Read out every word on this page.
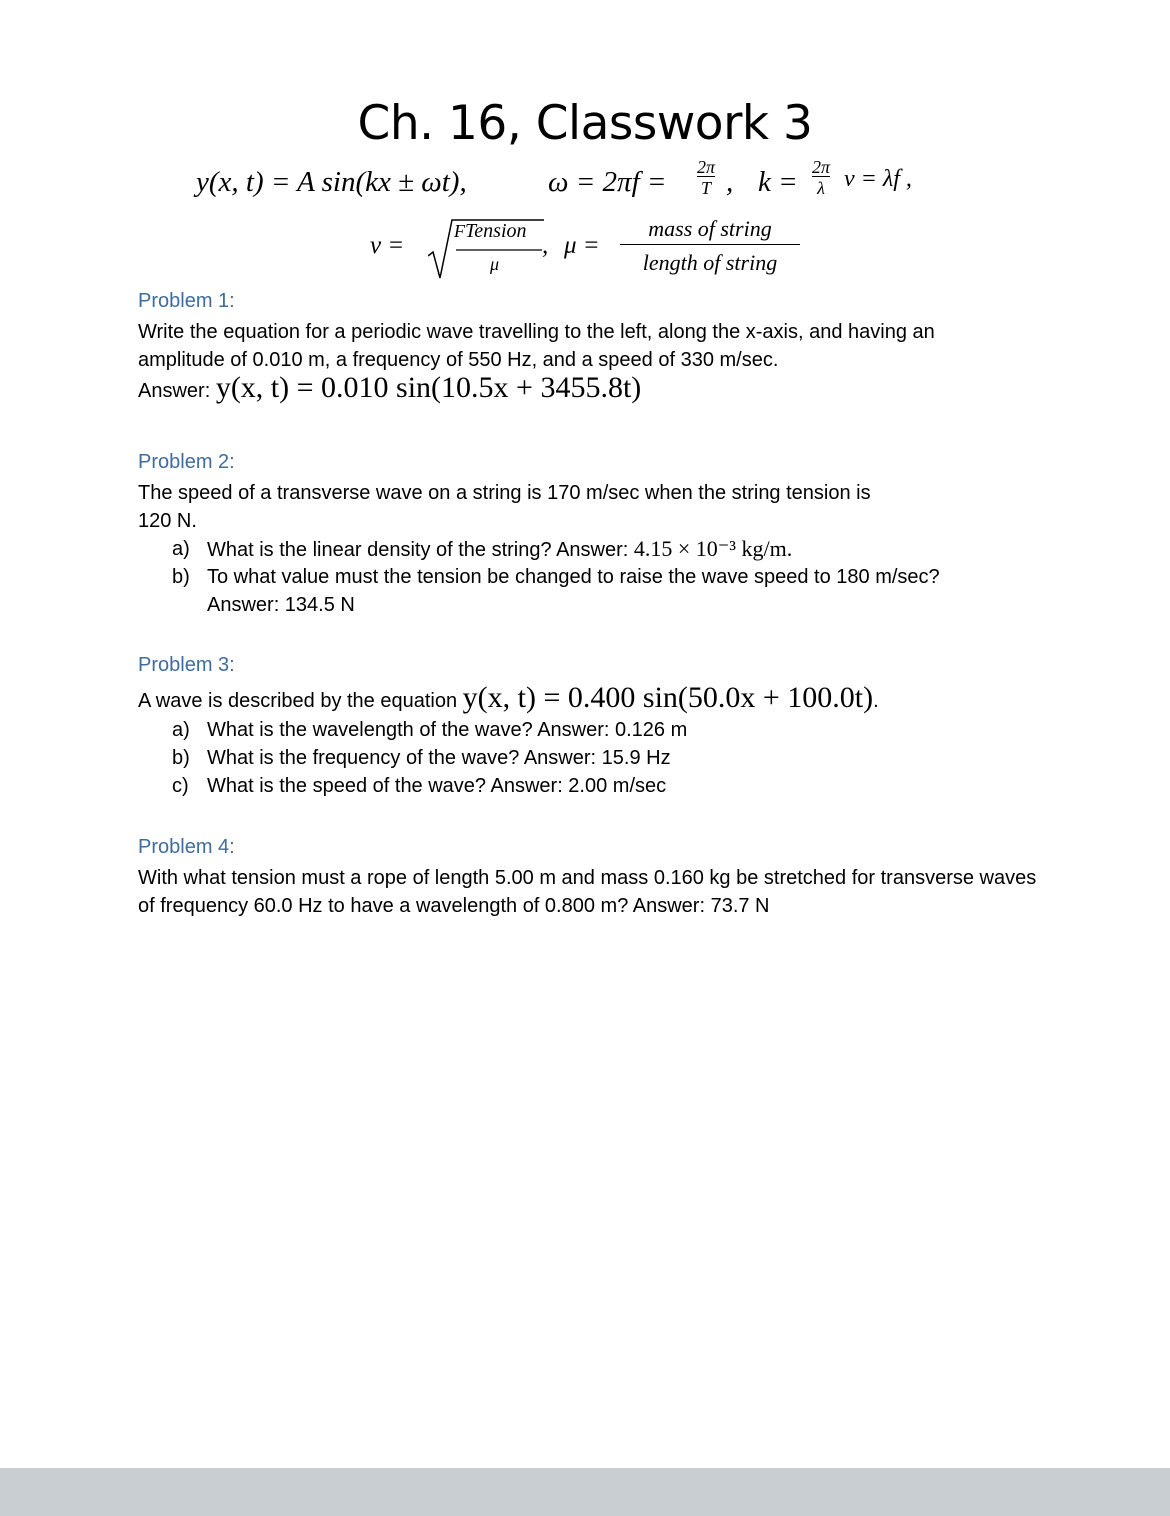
Ch. 16, Classwork 3
y(x, t) = A sin(kx ± ωt),	$\omega = 2\pi f = \frac{2\pi}{T}$ , $k = \frac{2\pi}{\lambda}$ v = λf ,
v =
FTension
μ
, μ =
mass of string
length of string
Problem 1:
Write the equation for a periodic wave travelling to the left, along the x-axis, and having an amplitude of 0.010 m, a frequency of 550 Hz, and a speed of 330 m/sec.
Answer: y(x, t) = 0.010 sin(10.5x + 3455.8t)
Problem 2:
The speed of a transverse wave on a string is 170 m/sec when the string tension is 120 N.
a) What is the linear density of the string? Answer: 4.15 × 10⁻³ kg/m.
b) To what value must the tension be changed to raise the wave speed to 180 m/sec?
Answer: 134.5 N
Problem 3:
A wave is described by the equation y(x, t) = 0.400 sin(50.0x + 100.0t).
a) What is the wavelength of the wave? Answer: 0.126 m
b) What is the frequency of the wave? Answer: 15.9 Hz
c) What is the speed of the wave? Answer: 2.00 m/sec
Problem 4:
With what tension must a rope of length 5.00 m and mass 0.160 kg be stretched for transverse waves of frequency 60.0 Hz to have a wavelength of 0.800 m? Answer: 73.7 N
